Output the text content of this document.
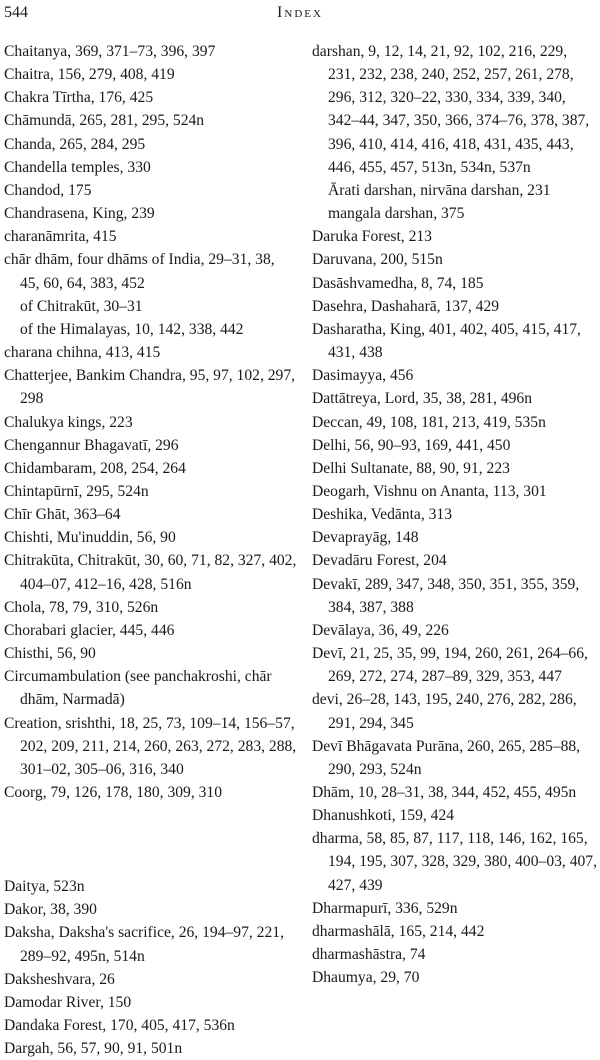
544	Index

Chaitanya, 369, 371–73, 396, 397

Chaitra, 156, 279, 408, 419

Chakra Tīrtha, 176, 425

Chāmundā, 265, 281, 295, 524n

Chanda, 265, 284, 295

Chandella temples, 330

Chandod, 175

Chandrasena, King, 239

charanāmrita, 415

chār dhām, four dhāms of India, 29–31, 38, 45, 60, 64, 383, 452

of Chitrakūt, 30–31

of the Himalayas, 10, 142, 338, 442

charana chihna, 413, 415

Chatterjee, Bankim Chandra, 95, 97, 102, 297, 298

Chalukya kings, 223

Chengannur Bhagavatī, 296

Chidambaram, 208, 254, 264

Chintapūrnī, 295, 524n

Chīr Ghāt, 363–64

Chishti, Mu'inuddin, 56, 90

Chitrakūta, Chitrakūt, 30, 60, 71, 82, 327, 402, 404–07, 412–16, 428, 516n

Chola, 78, 79, 310, 526n

Chorabari glacier, 445, 446

Chisthi, 56, 90

Circumambulation (see panchakroshi, chār dhām, Narmadā)

Creation, srishthi, 18, 25, 73, 109–14, 156–57, 202, 209, 211, 214, 260, 263, 272, 283, 288, 301–02, 305–06, 316, 340

Coorg, 79, 126, 178, 180, 309, 310

Daitya, 523n

Dakor, 38, 390

Daksha, Daksha's sacrifice, 26, 194–97, 221, 289–92, 495n, 514n

Daksheshvara, 26

Damodar River, 150

Dandaka Forest, 170, 405, 417, 536n

Dargah, 56, 57, 90, 91, 501n

darshan, 9, 12, 14, 21, 92, 102, 216, 229, 231, 232, 238, 240, 252, 257, 261, 278, 296, 312, 320–22, 330, 334, 339, 340, 342–44, 347, 350, 366, 374–76, 378, 387, 396, 410, 414, 416, 418, 431, 435, 443, 446, 455, 457, 513n, 534n, 537n

Ārati darshan, nirvāna darshan, 231

mangala darshan, 375

Daruka Forest, 213

Daruvana, 200, 515n

Dasāshvamedha, 8, 74, 185

Dasehra, Dashaharā, 137, 429

Dasharatha, King, 401, 402, 405, 415, 417, 431, 438

Dasimayya, 456

Dattātreya, Lord, 35, 38, 281, 496n

Deccan, 49, 108, 181, 213, 419, 535n

Delhi, 56, 90–93, 169, 441, 450

Delhi Sultanate, 88, 90, 91, 223

Deogarh, Vishnu on Ananta, 113, 301

Deshika, Vedānta, 313

Devaprayāg, 148

Devadāru Forest, 204

Devakī, 289, 347, 348, 350, 351, 355, 359, 384, 387, 388

Devālaya, 36, 49, 226

Devī, 21, 25, 35, 99, 194, 260, 261, 264–66, 269, 272, 274, 287–89, 329, 353, 447

devi, 26–28, 143, 195, 240, 276, 282, 286, 291, 294, 345

Devī Bhāgavata Purāna, 260, 265, 285–88, 290, 293, 524n

Dhām, 10, 28–31, 38, 344, 452, 455, 495n

Dhanushkoti, 159, 424

dharma, 58, 85, 87, 117, 118, 146, 162, 165, 194, 195, 307, 328, 329, 380, 400–03, 407, 427, 439

Dharmapurī, 336, 529n

dharmashālā, 165, 214, 442

dharmashāstra, 74

Dhaumya, 29, 70
